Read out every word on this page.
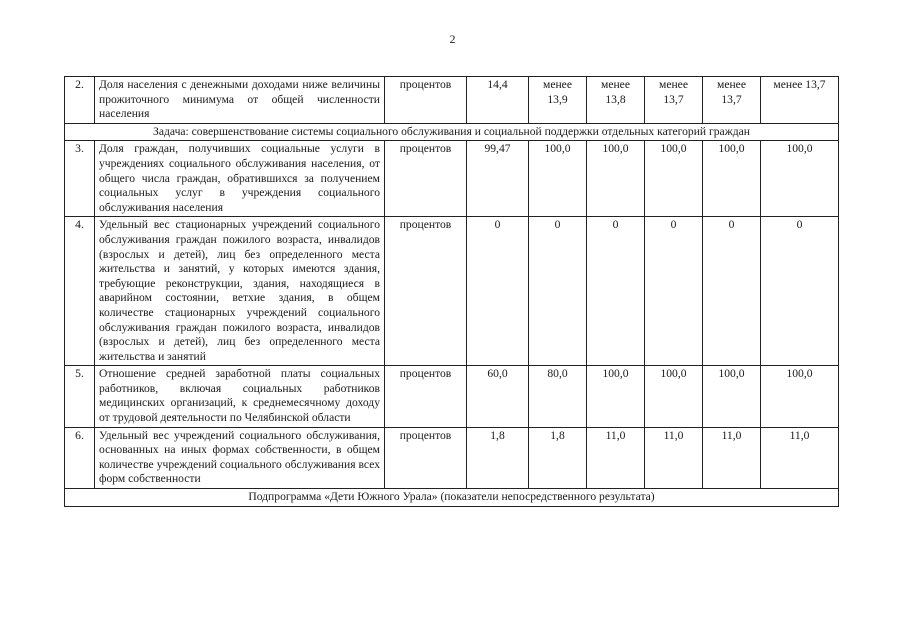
2
2.	Доля населения с денежными доходами ниже величины прожиточного минимума от общей численности населения	процентов	14,4	менее 13,9	менее 13,8	менее 13,7	менее 13,7	менее 13,7
Задача: совершенствование системы социального обслуживания и социальной поддержки отдельных категорий граждан								
3.	Доля граждан, получивших социальные услуги в учреждениях социального обслуживания населения, от общего числа граждан, обратившихся за получением социальных услуг в учреждения социального обслуживания населения	процентов	99,47	100,0	100,0	100,0	100,0	100,0
4.	Удельный вес стационарных учреждений социального обслуживания граждан пожилого возраста, инвалидов (взрослых и детей), лиц без определенного места жительства и занятий, у которых имеются здания, требующие реконструкции, здания, находящиеся в аварийном состоянии, ветхие здания, в общем количестве стационарных учреждений социального обслуживания граждан пожилого возраста, инвалидов (взрослых и детей), лиц без определенного места жительства и занятий	процентов	0	0	0	0	0	0
5.	Отношение средней заработной платы социальных работников, включая социальных работников медицинских организаций, к среднемесячному доходу от трудовой деятельности по Челябинской области	процентов	60,0	80,0	100,0	100,0	100,0	100,0
6.	Удельный вес учреждений социального обслуживания, основанных на иных формах собственности, в общем количестве учреждений социального обслуживания всех форм собственности	процентов	1,8	1,8	11,0	11,0	11,0	11,0
Подпрограмма «Дети Южного Урала» (показатели непосредственного результата)								
